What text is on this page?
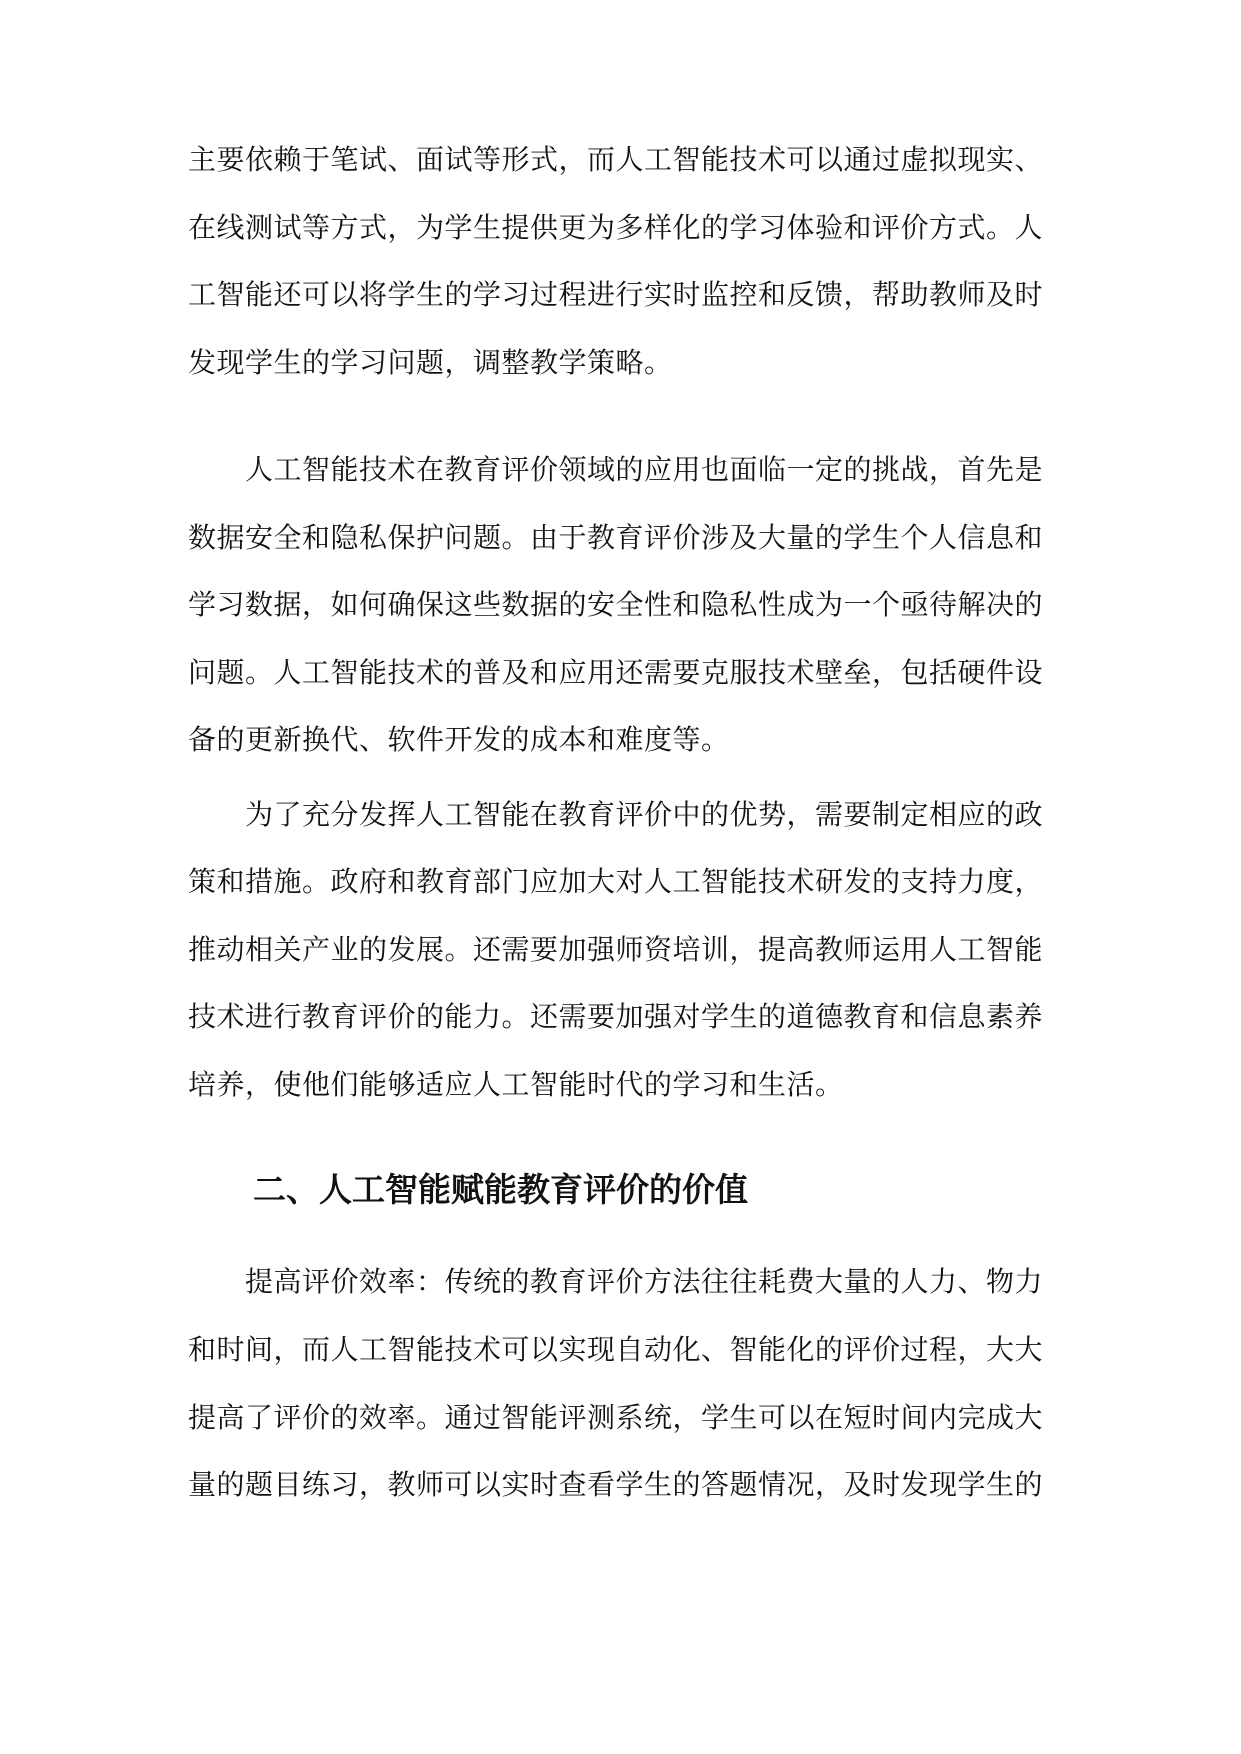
主要依赖于笔试、面试等形式，而人工智能技术可以通过虚拟现实、
在线测试等方式，为学生提供更为多样化的学习体验和评价方式。人
工智能还可以将学生的学习过程进行实时监控和反馈，帮助教师及时
发现学生的学习问题，调整教学策略。
人工智能技术在教育评价领域的应用也面临一定的挑战，首先是
数据安全和隐私保护问题。由于教育评价涉及大量的学生个人信息和
学习数据，如何确保这些数据的安全性和隐私性成为一个亟待解决的
问题。人工智能技术的普及和应用还需要克服技术壁垒，包括硬件设
备的更新换代、软件开发的成本和难度等。
为了充分发挥人工智能在教育评价中的优势，需要制定相应的政
策和措施。政府和教育部门应加大对人工智能技术研发的支持力度，
推动相关产业的发展。还需要加强师资培训，提高教师运用人工智能
技术进行教育评价的能力。还需要加强对学生的道德教育和信息素养
培养，使他们能够适应人工智能时代的学习和生活。
二、人工智能赋能教育评价的价值
提高评价效率：传统的教育评价方法往往耗费大量的人力、物力
和时间，而人工智能技术可以实现自动化、智能化的评价过程，大大
提高了评价的效率。通过智能评测系统，学生可以在短时间内完成大
量的题目练习，教师可以实时查看学生的答题情况，及时发现学生的
